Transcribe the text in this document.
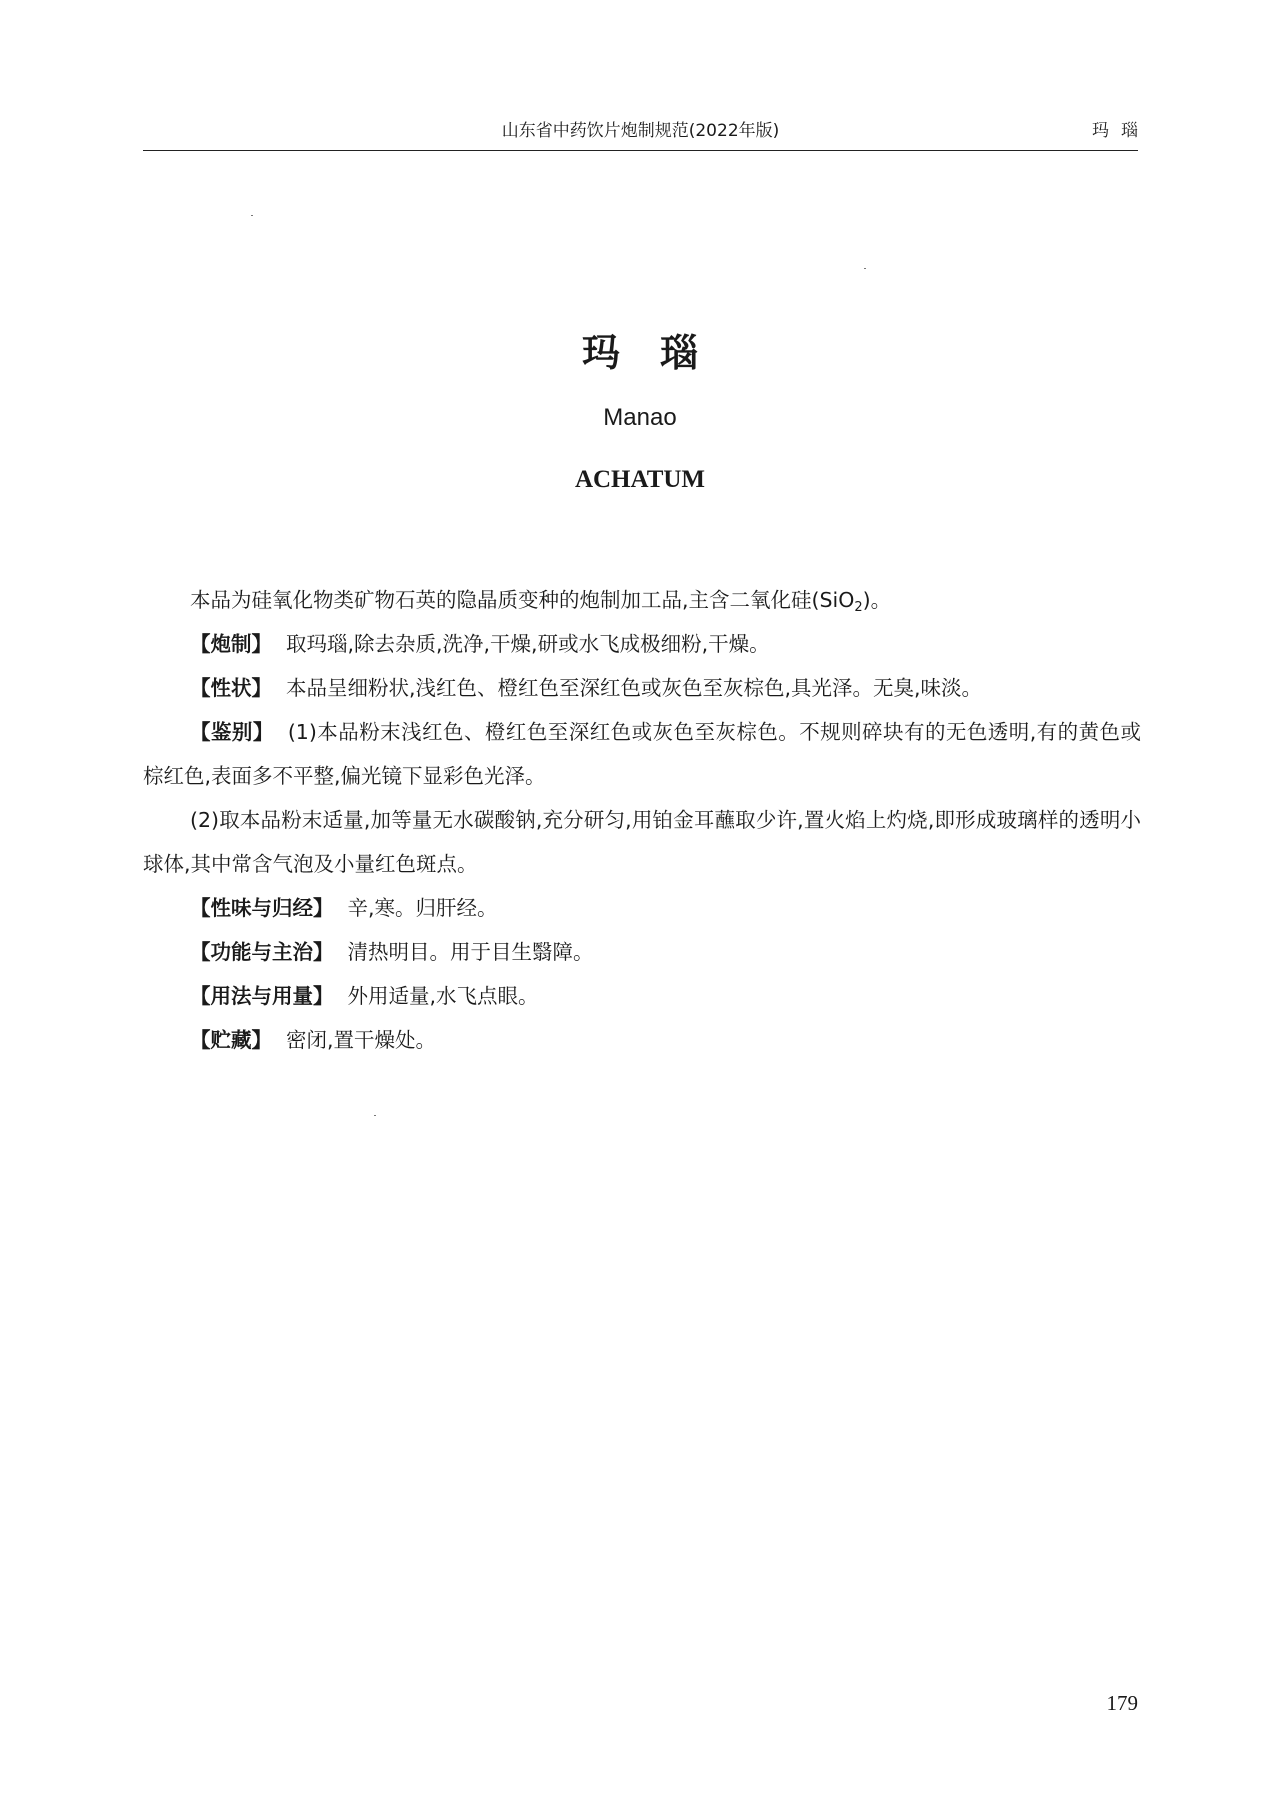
山东省中药饮片炮制规范(2022年版)	玛瑙
玛瑙
Manao
ACHATUM

本品为硅氧化物类矿物石英的隐晶质变种的炮制加工品,主含二氧化硅(SiO$_2$)。

【炮制】 取玛瑙,除去杂质,洗净,干燥,研或水飞成极细粉,干燥。

【性状】 本品呈细粉状,浅红色、橙红色至深红色或灰色至灰棕色,具光泽。无臭,味淡。

【鉴别】 (1)本品粉末浅红色、橙红色至深红色或灰色至灰棕色。不规则碎块有的无色透明,有的黄色或棕红色,表面多不平整,偏光镜下显彩色光泽。

(2)取本品粉末适量,加等量无水碳酸钠,充分研匀,用铂金耳蘸取少许,置火焰上灼烧,即形成玻璃样的透明小球体,其中常含气泡及小量红色斑点。

【性味与归经】 辛,寒。归肝经。

【功能与主治】 清热明目。用于目生翳障。

【用法与用量】 外用适量,水飞点眼。

【贮藏】 密闭,置干燥处。

179
